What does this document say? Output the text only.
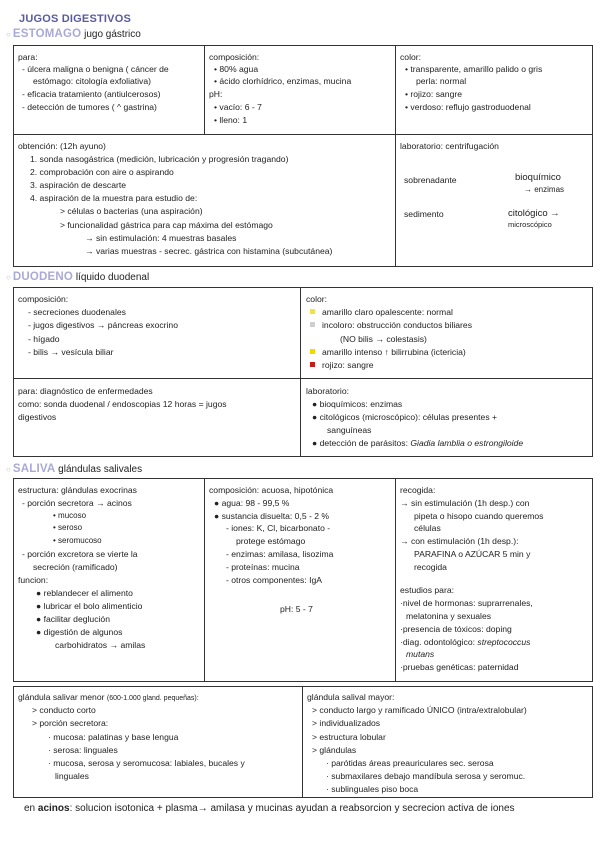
JUGOS DIGESTIVOS
○ ESTOMAGO jugo gástrico
para:
- úlcera maligna o benigna ( cáncer de
estómago: citología exfoliativa)
- eficacia tratamiento (antiulcerosos)
- detección de tumores ( ^ gastrina)
composición:
• 80% agua
• ácido clorhídrico, enzimas, mucina
pH:
• vacío: 6 - 7
• lleno: 1
color:
• transparente, amarillo palido o gris
perla: normal
• rojizo: sangre
• verdoso: reflujo gastroduodenal
obtención: (12h ayuno)
1. sonda nasogástrica (medición, lubricación y progresión tragando)
2. comprobación con aire o aspirando
3. aspiración de descarte
4. aspiración de la muestra para estudio de:
> células o bacterias (una aspiración)
> funcionalidad gástrica para cap máxima del estómago
→ sin estimulación: 4 muestras basales
→ varias muestras - secrec. gástrica con histamina (subcutánea)
laboratorio: centrifugación
sobrenadante	bioquímico
→ enzimas
sedimento	citológico →
microscópico
○ DUODENO líquido duodenal
composición:
- secreciones duodenales
- jugos digestivos → páncreas exocrino
- hígado
- bilis → vesícula biliar
color:
amarillo claro opalescente: normal
incoloro: obstrucción conductos biliares
(NO bilis → colestasis)
amarillo intenso ↑ bilirrubina (ictericia)
rojizo: sangre
para: diagnóstico de enfermedades
como: sonda duodenal / endoscopias 12 horas = jugos
digestivos
laboratorio:
● bioquímicos: enzimas
● citológicos (microscópico): células presentes +
sanguíneas
● detección de parásitos: Giadia lamblia o estrongiloide
○ SALIVA glándulas salivales
estructura: glándulas exocrinas
- porción secretora → acinos
• mucoso
• seroso
• seromucoso
- porción excretora se vierte la
secreción (ramificado)
funcion:
● reblandecer el alimento
● lubricar el bolo alimenticio
● facilitar deglución
● digestión de algunos
carbohidratos → amilas
composición: acuosa, hipotónica
● agua: 98 - 99,5 %
● sustancia disuelta: 0,5 - 2 %
- iones: K, Cl, bicarbonato -
protege estómago
- enzimas: amilasa, lisozima
- proteínas: mucina
- otros componentes: IgA
pH: 5 - 7
recogida:
→ sin estimulación (1h desp.) con
pipeta o hisopo cuando queremos
células
→ con estimulación (1h desp.):
PARAFINA o AZÚCAR 5 min y
recogida
estudios para:
·nivel de hormonas: suprarrenales,
melatonina y sexuales
·presencia de tóxicos: doping
·diag. odontológico: streptococcus
mutans
·pruebas genéticas: paternidad
glándula salivar menor (600-1.000 gland. pequeñas):
> conducto corto
> porción secretora:
· mucosa: palatinas y base lengua
· serosa: linguales
· mucosa, serosa y seromucosa: labiales, bucales y
linguales
glándula salival mayor:
> conducto largo y ramificado ÚNICO (intra/extralobular)
> individualizados
> estructura lobular
> glándulas
· parótidas áreas preauriculares sec. serosa
· submaxilares debajo mandíbula serosa y seromuc.
· sublinguales piso boca
en acinos: solucion isotonica + plasma→ amilasa y mucinas ayudan a reabsorcion y secrecion activa de iones
